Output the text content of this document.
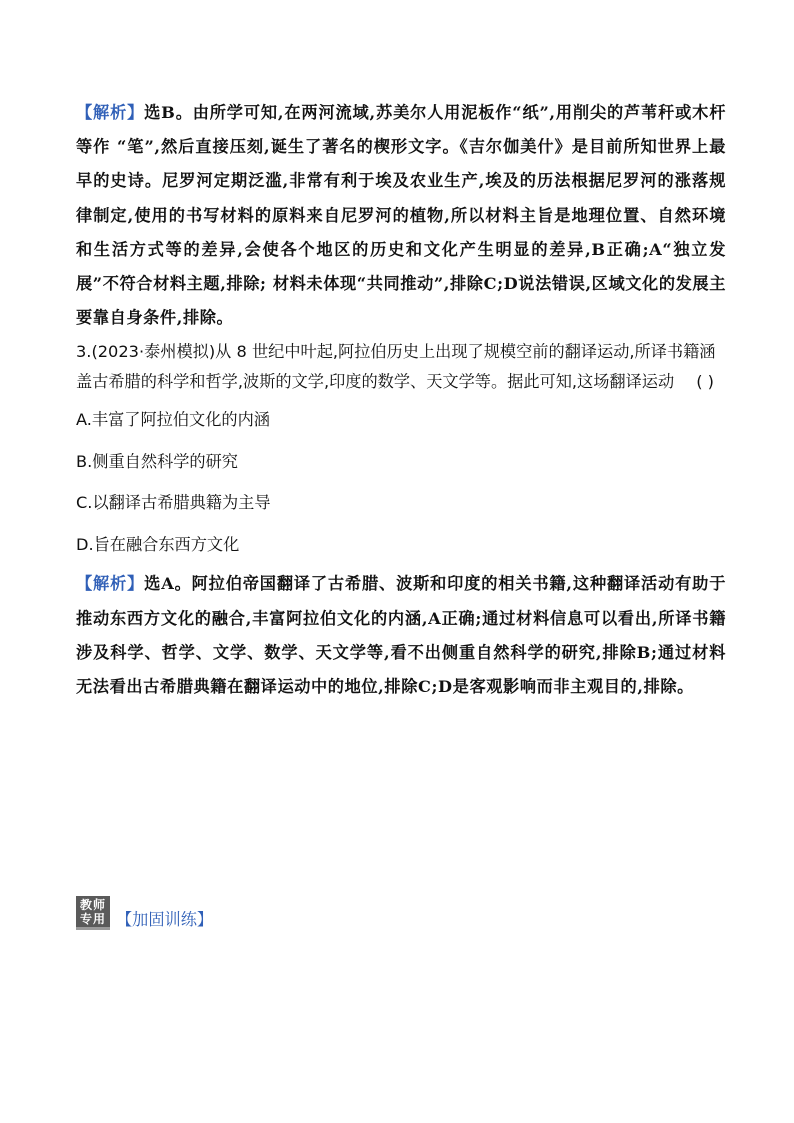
【解析】选B。由所学可知,在两河流域,苏美尔人用泥板作“纸”,用削尖的芦苇秆或木杆等作 “笔”,然后直接压刻,诞生了著名的楔形文字。《吉尔伽美什》是目前所知世界上最早的史诗。尼罗河定期泛滥,非常有利于埃及农业生产,埃及的历法根据尼罗河的涨落规律制定,使用的书写材料的原料来自尼罗河的植物,所以材料主旨是地理位置、自然环境和生活方式等的差异,会使各个地区的历史和文化产生明显的差异,B正确;A“独立发展”不符合材料主题,排除; 材料未体现“共同推动”,排除C;D说法错误,区域文化的发展主要靠自身条件,排除。

3.(2023·泰州模拟)从 8 世纪中叶起,阿拉伯历史上出现了规模空前的翻译运动,所译书籍涵盖古希腊的科学和哲学,波斯的文学,印度的数学、天文学等。据此可知,这场翻译运动 ( )

A.丰富了阿拉伯文化的内涵

B.侧重自然科学的研究

C.以翻译古希腊典籍为主导

D.旨在融合东西方文化

【解析】选A。阿拉伯帝国翻译了古希腊、波斯和印度的相关书籍,这种翻译活动有助于推动东西方文化的融合,丰富阿拉伯文化的内涵,A正确;通过材料信息可以看出,所译书籍涉及科学、哲学、文学、数学、天文学等,看不出侧重自然科学的研究,排除B;通过材料无法看出古希腊典籍在翻译运动中的地位,排除C;D是客观影响而非主观目的,排除。

教师
专用 【加固训练】
